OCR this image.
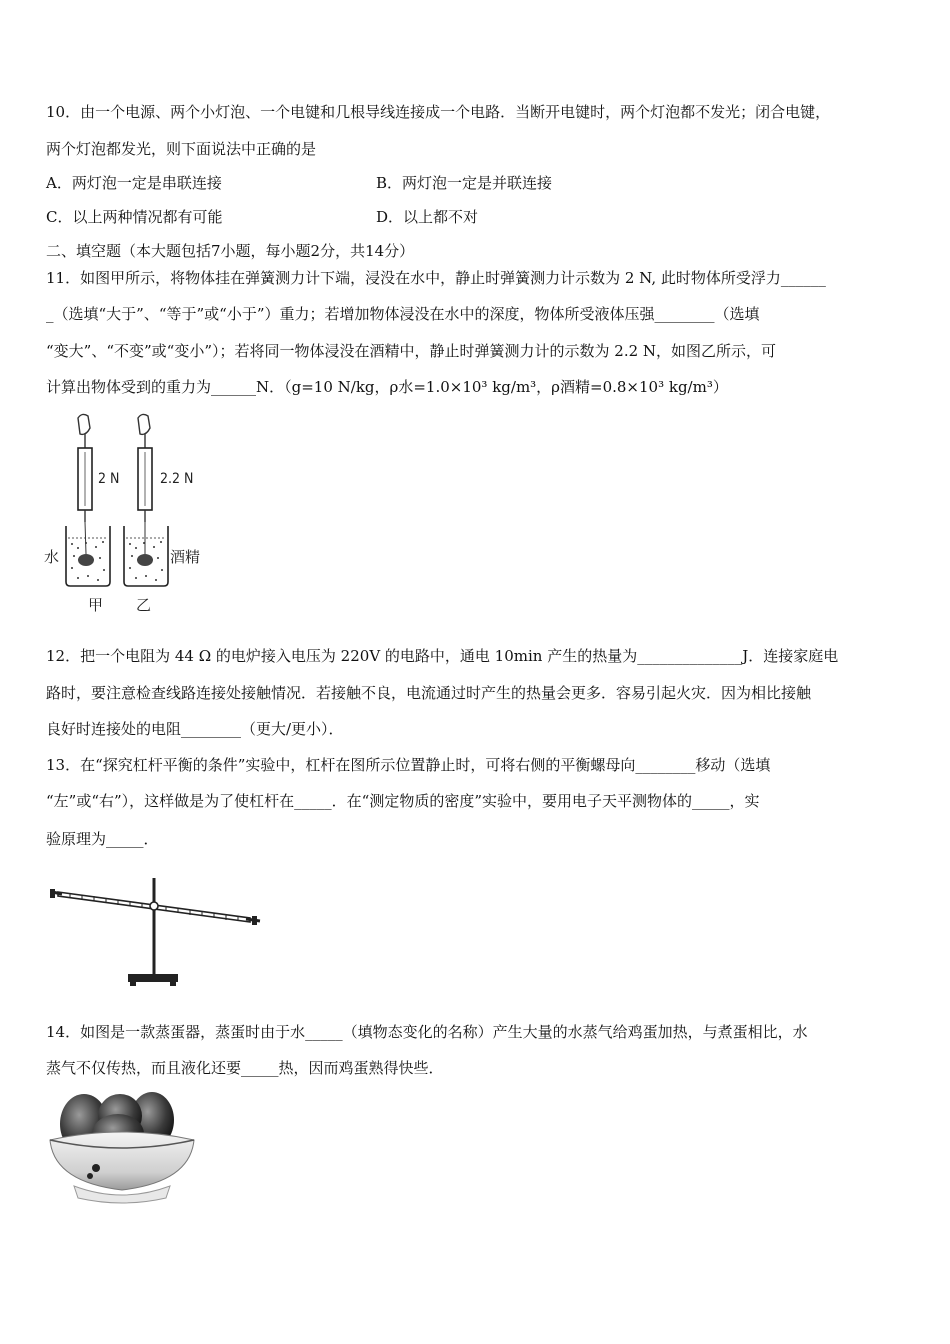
10．由一个电源、两个小灯泡、一个电键和几根导线连接成一个电路．当断开电键时，两个灯泡都不发光；闭合电键，
两个灯泡都发光，则下面说法中正确的是
A．两灯泡一定是串联连接	B．两灯泡一定是并联连接
C．以上两种情况都有可能	D．以上都不对
二、填空题（本大题包括7小题，每小题2分，共14分）
11．如图甲所示，将物体挂在弹簧测力计下端，浸没在水中，静止时弹簧测力计示数为 2 N, 此时物体所受浮力______
_（选填“大于”、“等于”或“小于”）重力；若增加物体浸没在水中的深度，物体所受液体压强________（选填
“变大”、“不变”或“变小”）；若将同一物体浸没在酒精中，静止时弹簧测力计的示数为 2.2 N，如图乙所示，可
计算出物体受到的重力为______N．（g=10 N/kg，ρ水=1.0×10³ kg/m³，ρ酒精=0.8×10³ kg/m³）
2 N	2.2 N
水	酒精
甲 乙
12．把一个电阻为 44 Ω 的电炉接入电压为 220V 的电路中，通电 10min 产生的热量为______________J．连接家庭电
路时，要注意检查线路连接处接触情况．若接触不良，电流通过时产生的热量会更多．容易引起火灾．因为相比接触
良好时连接处的电阻________（更大/更小）．
13．在“探究杠杆平衡的条件”实验中，杠杆在图所示位置静止时，可将右侧的平衡螺母向________移动（选填
“左”或“右”），这样做是为了使杠杆在_____．在“测定物质的密度”实验中，要用电子天平测物体的_____，实
验原理为_____．
14．如图是一款蒸蛋器，蒸蛋时由于水_____（填物态变化的名称）产生大量的水蒸气给鸡蛋加热，与煮蛋相比，水
蒸气不仅传热，而且液化还要_____热，因而鸡蛋熟得快些．
